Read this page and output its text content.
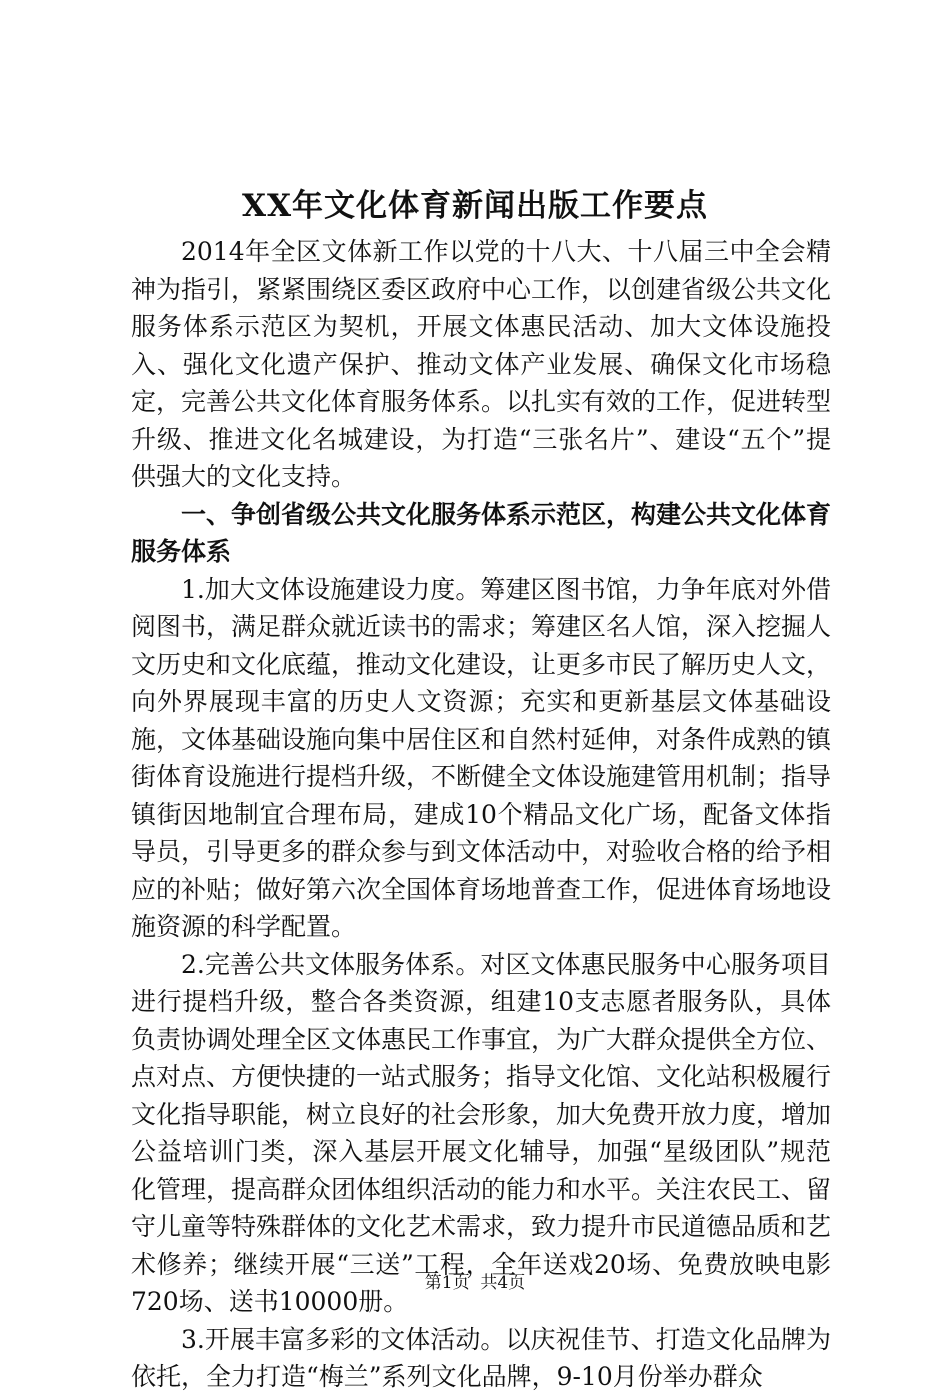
XX年文化体育新闻出版工作要点

2014年全区文体新工作以党的十八大、十八届三中全会精神为指引，紧紧围绕区委区政府中心工作，以创建省级公共文化服务体系示范区为契机，开展文体惠民活动、加大文体设施投入、强化文化遗产保护、推动文体产业发展、确保文化市场稳定，完善公共文化体育服务体系。以扎实有效的工作，促进转型升级、推进文化名城建设，为打造“三张名片”、建设“五个”提供强大的文化支持。

一、争创省级公共文化服务体系示范区，构建公共文化体育服务体系

1.加大文体设施建设力度。筹建区图书馆，力争年底对外借阅图书，满足群众就近读书的需求；筹建区名人馆，深入挖掘人文历史和文化底蕴，推动文化建设，让更多市民了解历史人文，向外界展现丰富的历史人文资源；充实和更新基层文体基础设施，文体基础设施向集中居住区和自然村延伸，对条件成熟的镇街体育设施进行提档升级，不断健全文体设施建管用机制；指导镇街因地制宜合理布局，建成10个精品文化广场，配备文体指导员，引导更多的群众参与到文体活动中，对验收合格的给予相应的补贴；做好第六次全国体育场地普查工作，促进体育场地设施资源的科学配置。

2.完善公共文体服务体系。对区文体惠民服务中心服务项目进行提档升级，整合各类资源，组建10支志愿者服务队，具体负责协调处理全区文体惠民工作事宜，为广大群众提供全方位、点对点、方便快捷的一站式服务；指导文化馆、文化站积极履行文化指导职能，树立良好的社会形象，加大免费开放力度，增加公益培训门类，深入基层开展文化辅导，加强“星级团队”规范化管理，提高群众团体组织活动的能力和水平。关注农民工、留守儿童等特殊群体的文化艺术需求，致力提升市民道德品质和艺术修养；继续开展“三送”工程，全年送戏20场、免费放映电影720场、送书10000册。

3.开展丰富多彩的文体活动。以庆祝佳节、打造文化品牌为依托，全力打造“梅兰”系列文化品牌，9-10月份举办群众

第1页 共4页
